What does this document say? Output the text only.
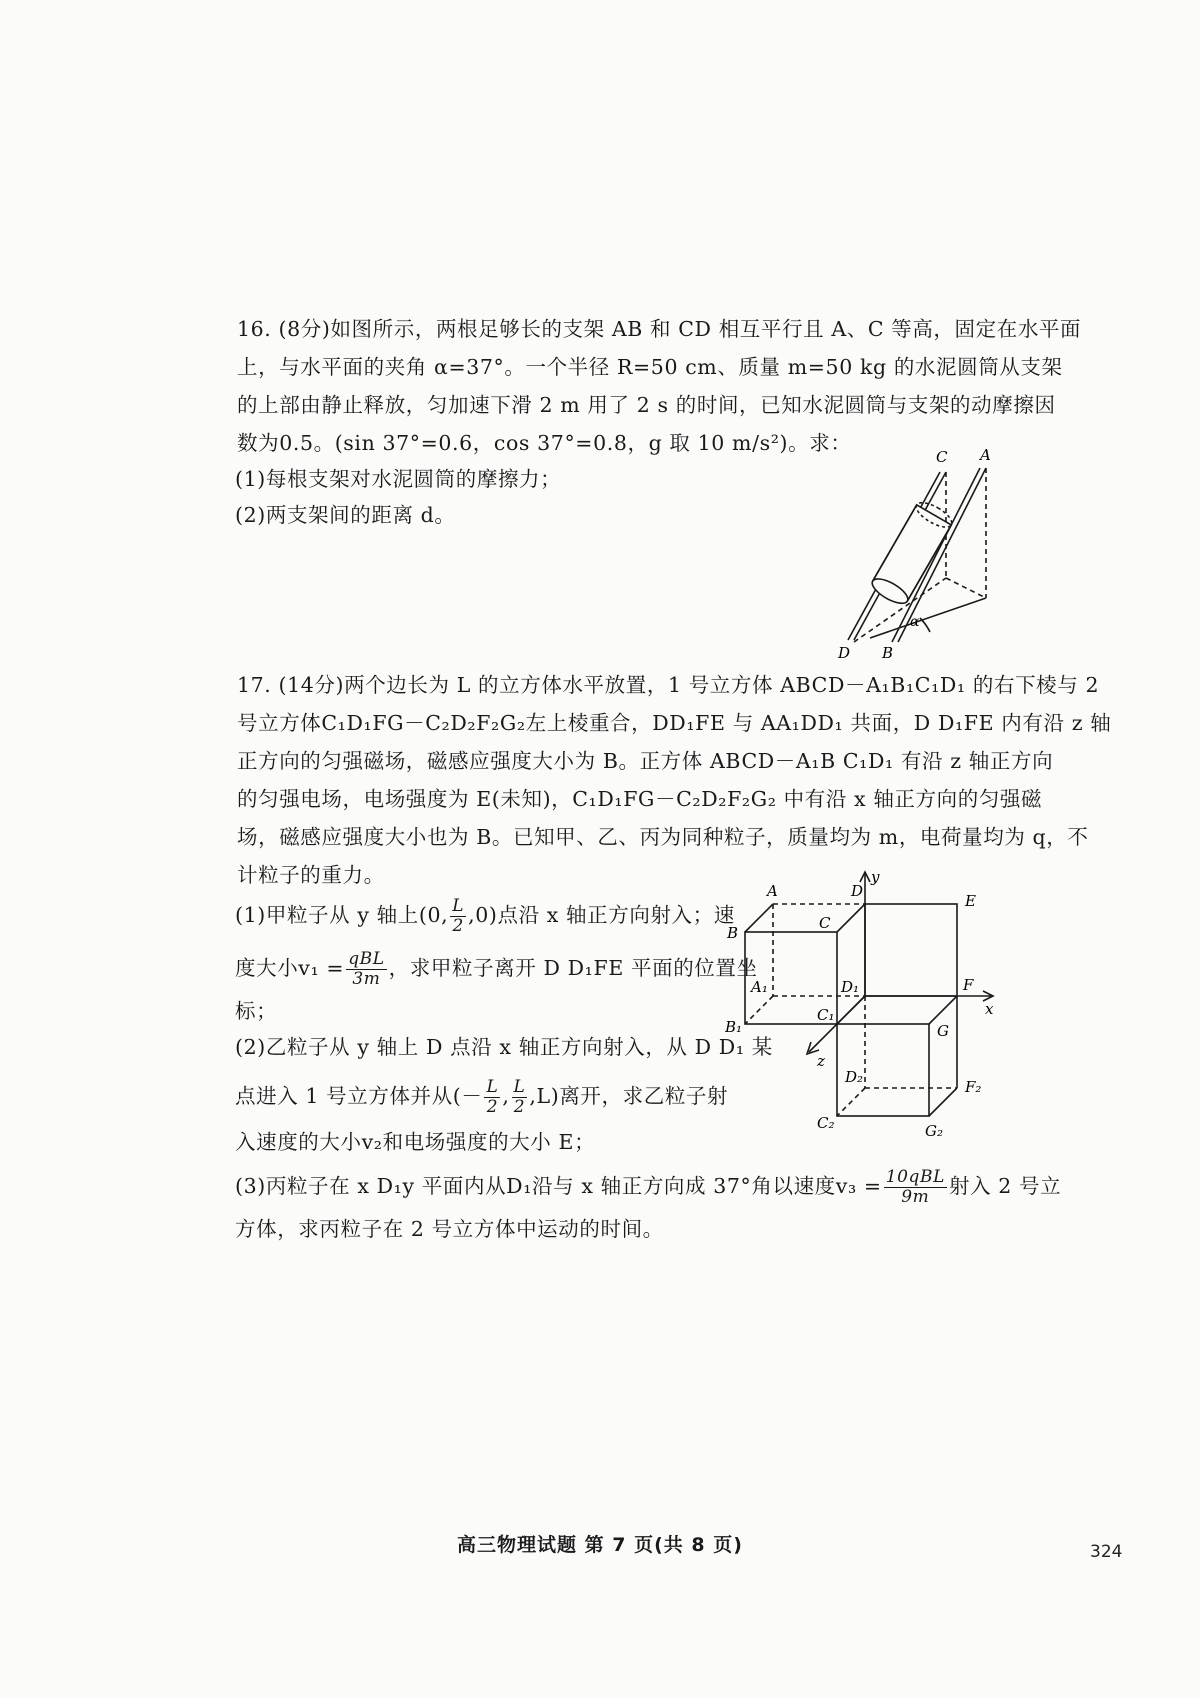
16. (8分)如图所示，两根足够长的支架 AB 和 CD 相互平行且 A、C 等高，固定在水平面
上，与水平面的夹角 α=37°。一个半径 R=50 cm、质量 m=50 kg 的水泥圆筒从支架
的上部由静止释放，匀加速下滑 2 m 用了 2 s 的时间，已知水泥圆筒与支架的动摩擦因
数为0.5。(sin 37°=0.6，cos 37°=0.8，g 取 10 m/s²)。求：
(1)每根支架对水泥圆筒的摩擦力；
(2)两支架间的距离 d。
C A
D B
α
17. (14分)两个边长为 L 的立方体水平放置，1 号立方体 ABCD－A₁B₁C₁D₁ 的右下棱与 2
号立方体C₁D₁FG－C₂D₂F₂G₂左上棱重合，DD₁FE 与 AA₁DD₁ 共面，D D₁FE 内有沿 z 轴
正方向的匀强磁场，磁感应强度大小为 B。正方体 ABCD－A₁B C₁D₁ 有沿 z 轴正方向
的匀强电场，电场强度为 E(未知)，C₁D₁FG－C₂D₂F₂G₂ 中有沿 x 轴正方向的匀强磁
场，磁感应强度大小也为 B。已知甲、乙、丙为同种粒子，质量均为 m，电荷量均为 q，不
计粒子的重力。
(1)甲粒子从 y 轴上(0, $\frac{L}{2} ,0$)点沿 x 轴正方向射入；速
度大小$v_1 = \frac{\text{qBL}}{3m}$ ，求甲粒子离开 D D₁FE 平面的位置坐
标；
(2)乙粒子从 y 轴上 D 点沿 x 轴正方向射入，从 D D₁ 某
点进入 1 号立方体并从(－ $\frac{L}{2}$ , $\frac{L}{2} ,L$)离开，求乙粒子射
入速度的大小v₂和电场强度的大小 E；
(3)丙粒子在 x D₁y 平面内从D₁沿与 x 轴正方向成 37°角以速度$v_3 = \frac{\text{10qBL}}{9m}$ 射入 2 号立
方体，求丙粒子在 2 号立方体中运动的时间。
A	D
y
E
B
C
A₁	D₁	F
x
B₁
C₁
G
z
D₂
F₂
C₂	G₂
高三物理试题 第 7 页(共 8 页)	324
